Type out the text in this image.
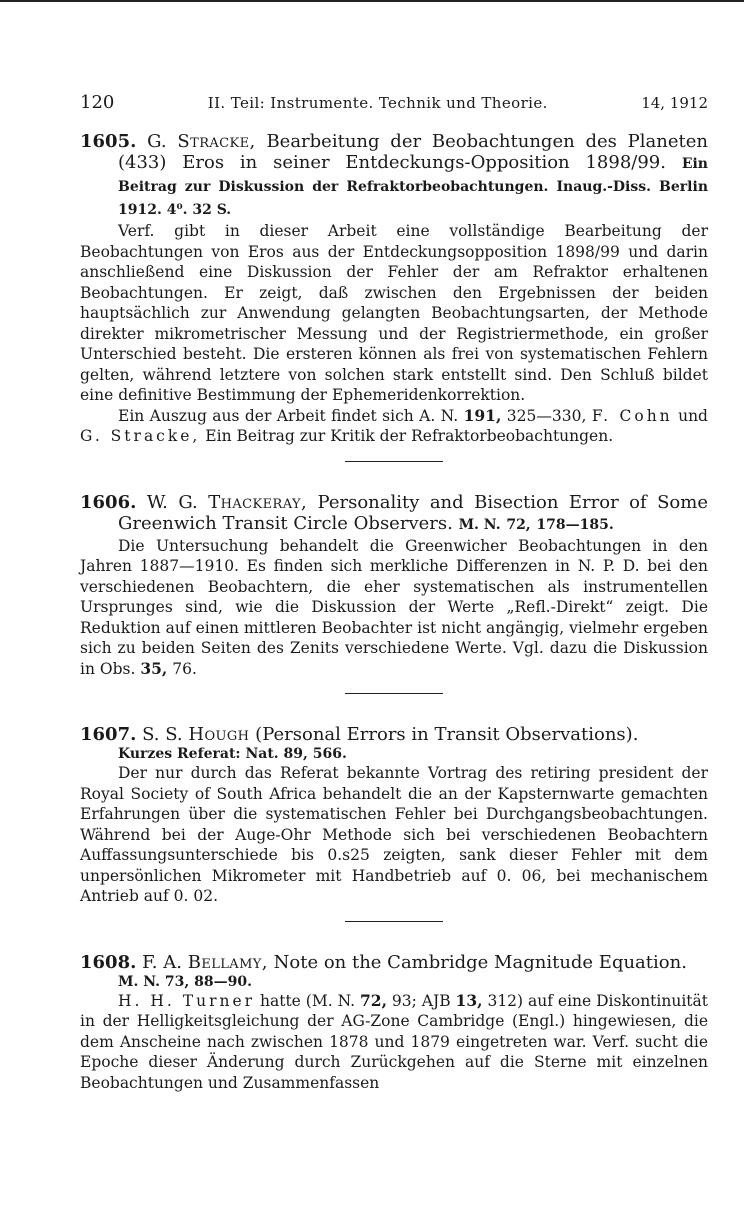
120	II. Teil: Instrumente. Technik und Theorie.	14, 1912

1605. G. Stracke, Bearbeitung der Beobachtungen des Planeten (433) Eros in seiner Entdeckungs-Opposition 1898/99. Ein Beitrag zur Diskussion der Refraktorbeobachtungen. Inaug.-Diss. Berlin 1912. 4⁰. 32 S.

Verf. gibt in dieser Arbeit eine vollständige Bearbeitung der Beobachtungen von Eros aus der Entdeckungsopposition 1898/99 und darin anschließend eine Diskussion der Fehler der am Refraktor erhaltenen Beobachtungen. Er zeigt, daß zwischen den Ergebnissen der beiden hauptsächlich zur Anwendung gelangten Beobachtungsarten, der Methode direkter mikrometrischer Messung und der Registriermethode, ein großer Unterschied besteht. Die ersteren können als frei von systematischen Fehlern gelten, während letztere von solchen stark entstellt sind. Den Schluß bildet eine definitive Bestimmung der Ephemeridenkorrektion.

Ein Auszug aus der Arbeit findet sich A. N. 191, 325—330, F. Cohn und G. Stracke, Ein Beitrag zur Kritik der Refraktorbeobachtungen.

1606. W. G. Thackeray, Personality and Bisection Error of Some Greenwich Transit Circle Observers. M. N. 72, 178—185.

Die Untersuchung behandelt die Greenwicher Beobachtungen in den Jahren 1887—1910. Es finden sich merkliche Differenzen in N. P. D. bei den verschiedenen Beobachtern, die eher systematischen als instrumentellen Ursprunges sind, wie die Diskussion der Werte „Refl.-Direkt“ zeigt. Die Reduktion auf einen mittleren Beobachter ist nicht angängig, vielmehr ergeben sich zu beiden Seiten des Zenits verschiedene Werte. Vgl. dazu die Diskussion in Obs. 35, 76.

1607. S. S. Hough (Personal Errors in Transit Observations).

Kurzes Referat: Nat. 89, 566.

Der nur durch das Referat bekannte Vortrag des retiring president der Royal Society of South Africa behandelt die an der Kapsternwarte gemachten Erfahrungen über die systematischen Fehler bei Durchgangsbeobachtungen. Während bei der Auge-Ohr Methode sich bei verschiedenen Beobachtern Auffassungsunterschiede bis 0.s25 zeigten, sank dieser Fehler mit dem unpersönlichen Mikrometer mit Handbetrieb auf 0. 06, bei mechanischem Antrieb auf 0. 02.

1608. F. A. Bellamy, Note on the Cambridge Magnitude Equation.

M. N. 73, 88—90.

H. H. Turner hatte (M. N. 72, 93; AJB 13, 312) auf eine Diskontinuität in der Helligkeitsgleichung der AG-Zone Cambridge (Engl.) hingewiesen, die dem Anscheine nach zwischen 1878 und 1879 eingetreten war. Verf. sucht die Epoche dieser Änderung durch Zurückgehen auf die Sterne mit einzelnen Beobachtungen und Zusammenfassen
